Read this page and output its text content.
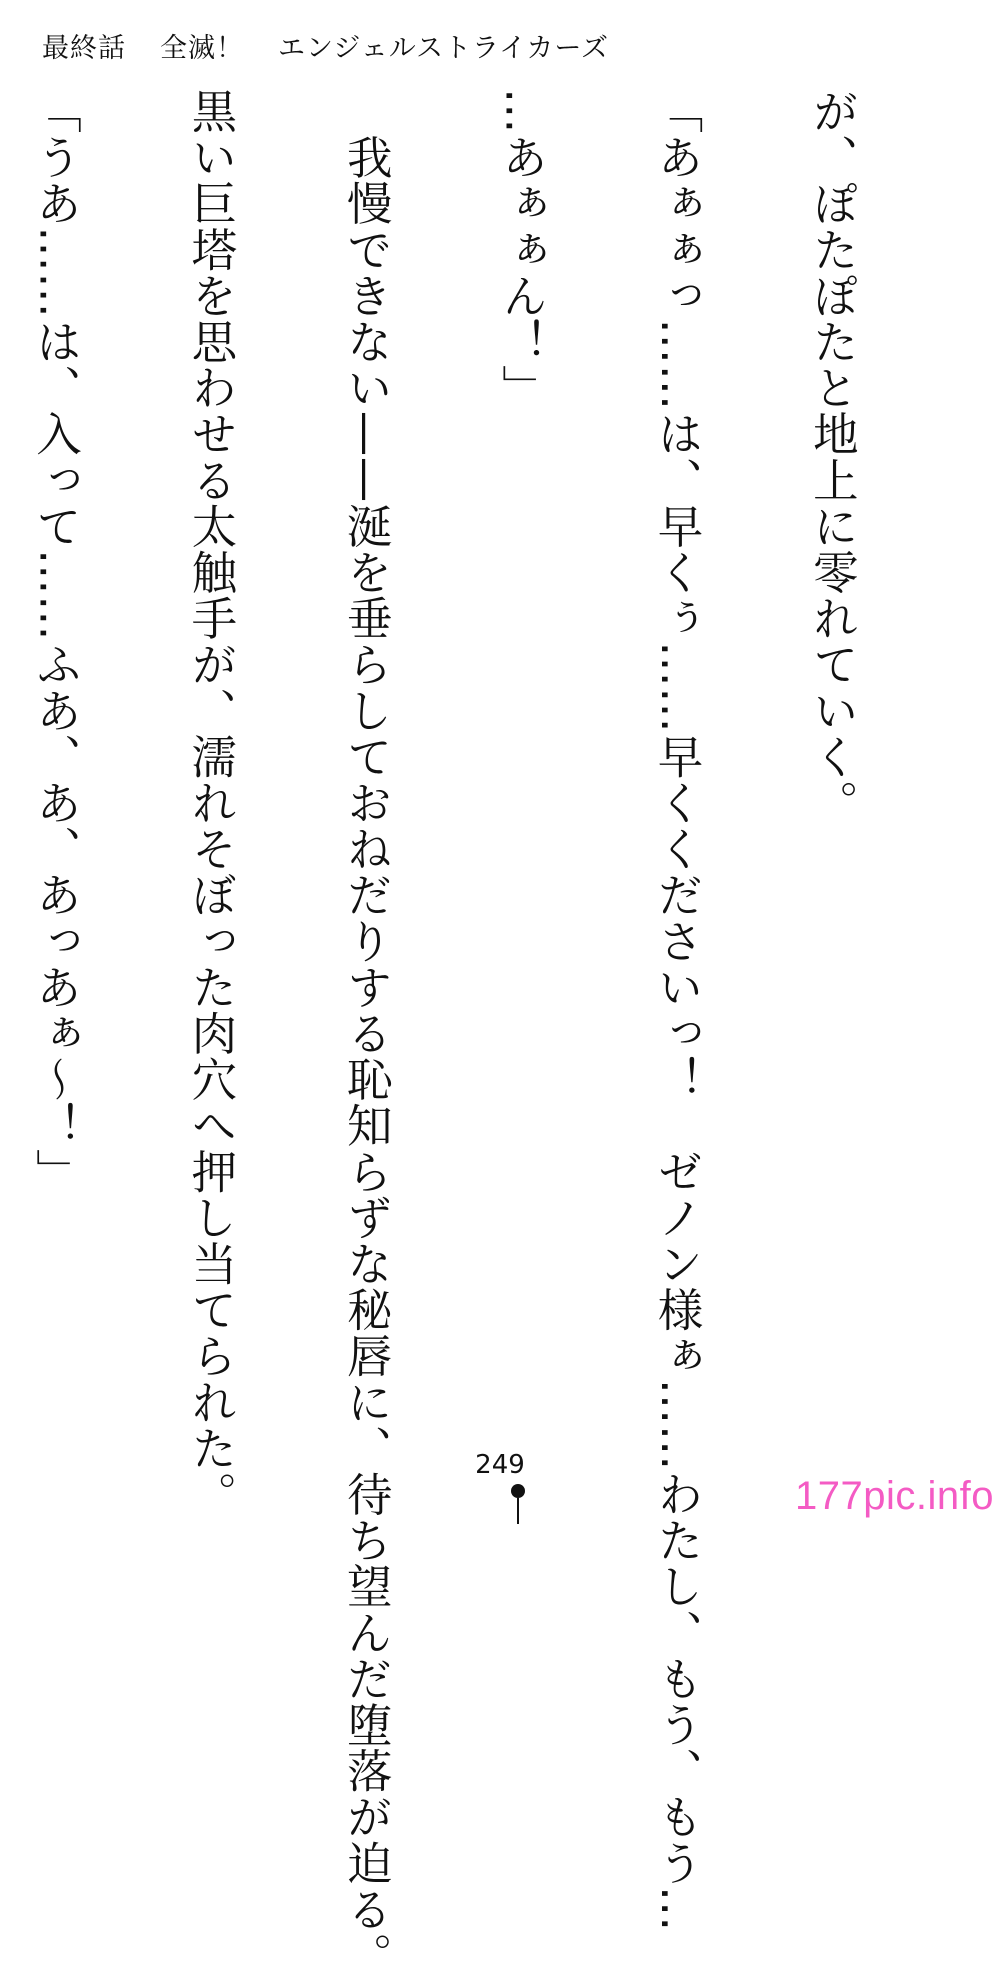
最終話 全滅！ エンジェルストライカーズ

が、ぽたぽたと地上に零れていく。

「あぁぁっ……は、早くぅ……早くくださいっ！　ゼノン様ぁ……わたし、もう、もう…

…あぁぁん！」

　我慢できない——涎を垂らしておねだりする恥知らずな秘唇に、待ち望んだ堕落が迫る。

黒い巨塔を思わせる太触手が、濡れそぼった肉穴へ押し当てられた。

「うあ……は、入って……ふあ、あ、あっあぁ～！」

249
177pic.info
